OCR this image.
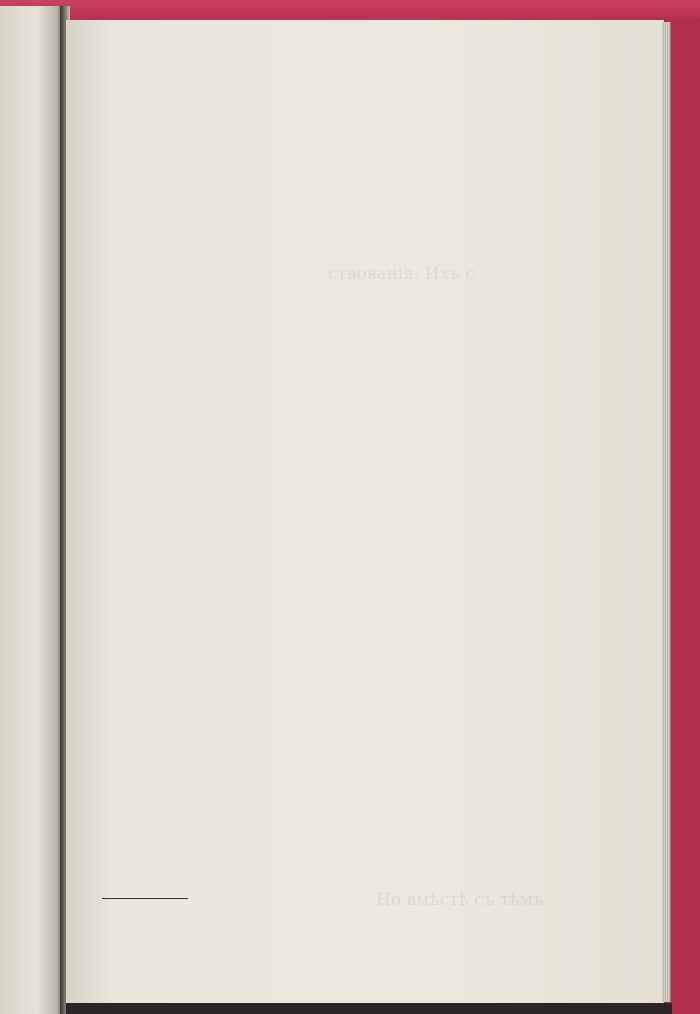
ствованія. Ихъ с
Но вмѣстѣ съ тѣмъ
